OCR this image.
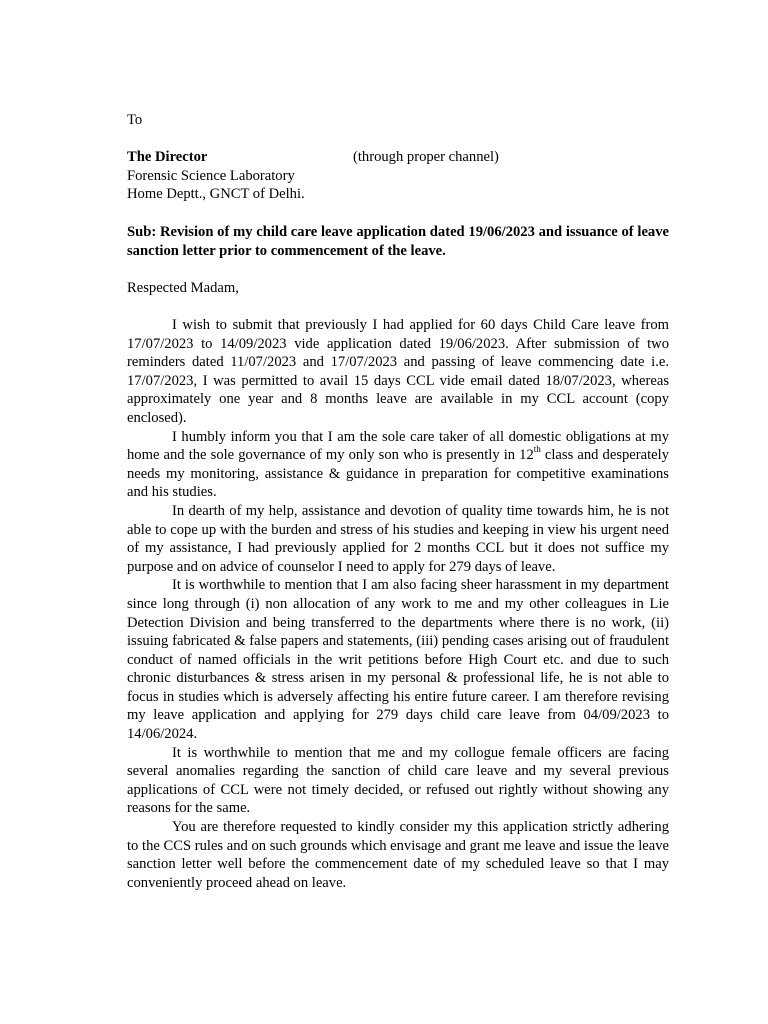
To

The Director	(through proper channel)
Forensic Science Laboratory
Home Deptt., GNCT of Delhi.

Sub: Revision of my child care leave application dated 19/06/2023 and issuance of leave sanction letter prior to commencement of the leave.

Respected Madam,

I wish to submit that previously I had applied for 60 days Child Care leave from 17/07/2023 to 14/09/2023 vide application dated 19/06/2023. After submission of two reminders dated 11/07/2023 and 17/07/2023 and passing of leave commencing date i.e. 17/07/2023, I was permitted to avail 15 days CCL vide email dated 18/07/2023, whereas approximately one year and 8 months leave are available in my CCL account (copy enclosed).

I humbly inform you that I am the sole care taker of all domestic obligations at my home and the sole governance of my only son who is presently in 12th class and desperately needs my monitoring, assistance & guidance in preparation for competitive examinations and his studies.

In dearth of my help, assistance and devotion of quality time towards him, he is not able to cope up with the burden and stress of his studies and keeping in view his urgent need of my assistance, I had previously applied for 2 months CCL but it does not suffice my purpose and on advice of counselor I need to apply for 279 days of leave.

It is worthwhile to mention that I am also facing sheer harassment in my department since long through (i) non allocation of any work to me and my other colleagues in Lie Detection Division and being transferred to the departments where there is no work, (ii) issuing fabricated & false papers and statements, (iii) pending cases arising out of fraudulent conduct of named officials in the writ petitions before High Court etc. and due to such chronic disturbances & stress arisen in my personal & professional life, he is not able to focus in studies which is adversely affecting his entire future career. I am therefore revising my leave application and applying for 279 days child care leave from 04/09/2023 to 14/06/2024.

It is worthwhile to mention that me and my collogue female officers are facing several anomalies regarding the sanction of child care leave and my several previous applications of CCL were not timely decided, or refused out rightly without showing any reasons for the same.

You are therefore requested to kindly consider my this application strictly adhering to the CCS rules and on such grounds which envisage and grant me leave and issue the leave sanction letter well before the commencement date of my scheduled leave so that I may conveniently proceed ahead on leave.
